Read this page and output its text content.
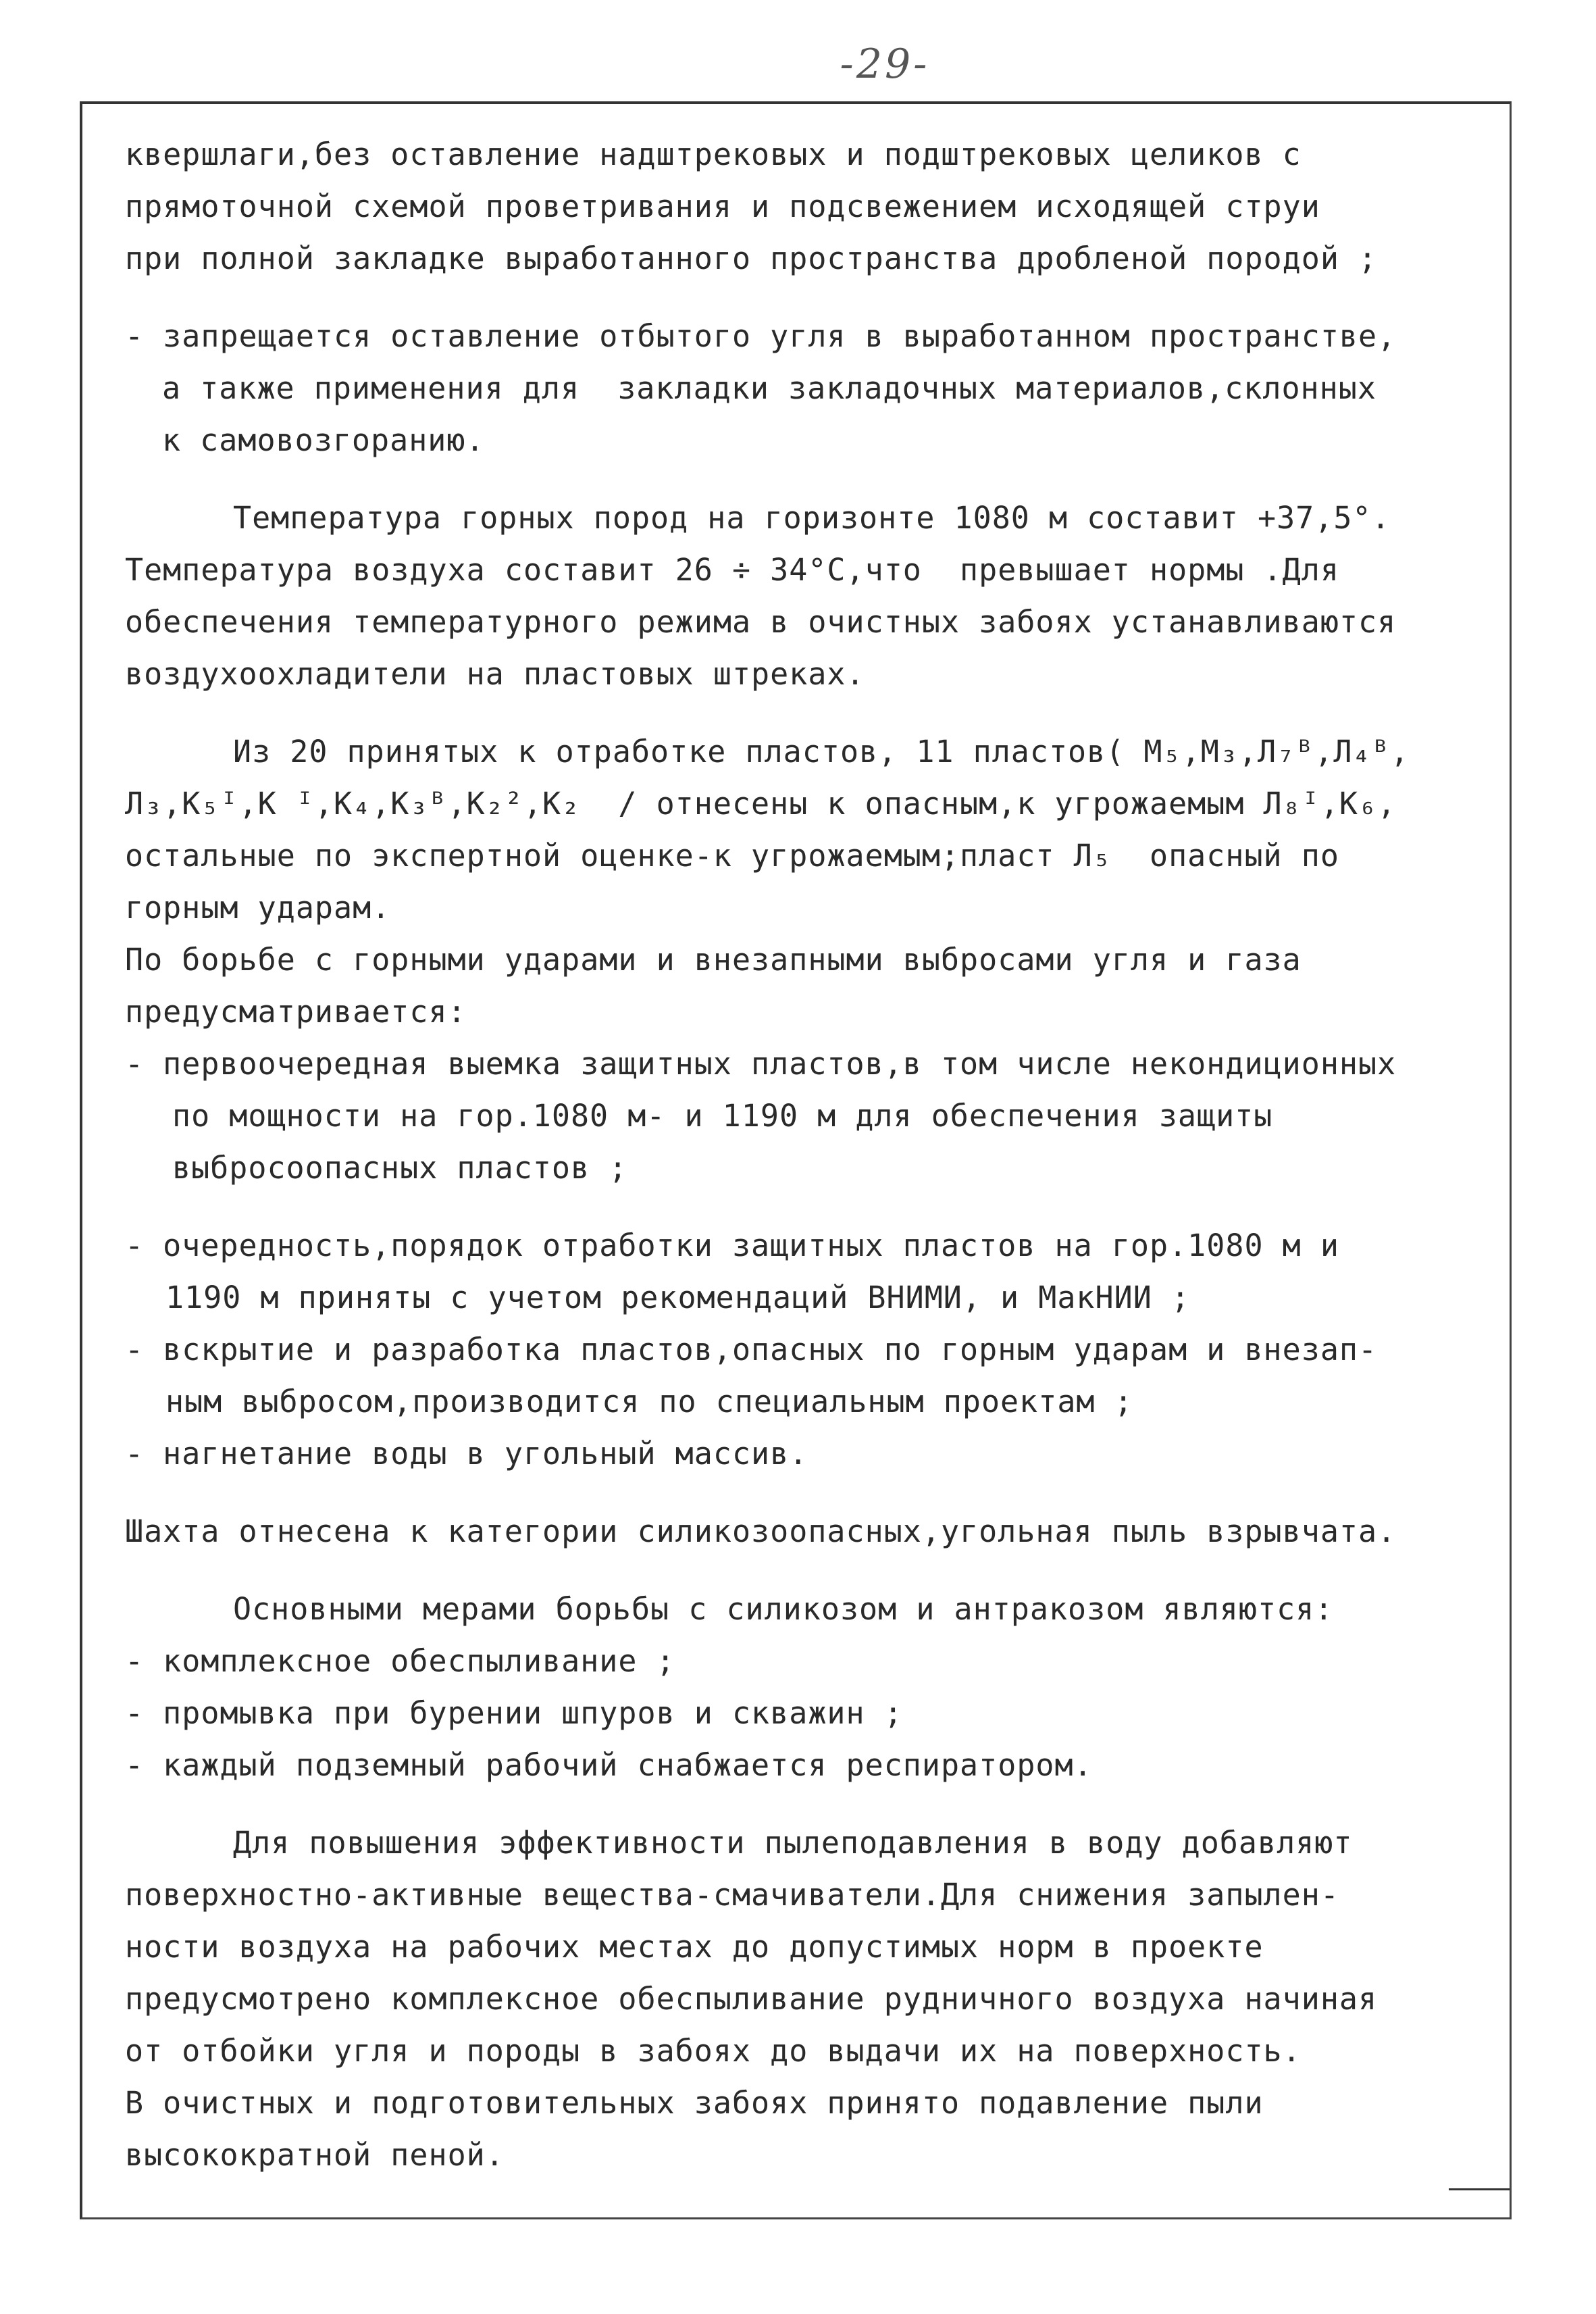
-29-
квершлаги,без оставление надштрековых и подштрековых целиков с
прямоточной схемой проветривания и подсвежением исходящей струи
при полной закладке выработанного пространства дробленой породой ;
- запрещается оставление отбытого угля в выработанном пространстве,
а также применения для  закладки закладочных материалов,склонных
к самовозгоранию.
Температура горных пород на горизонте 1080 м составит +37,5°.
Температура воздуха составит 26 ÷ 34°С,что  превышает нормы .Для
обеспечения температурного режима в очистных забоях устанавливаются
воздухоохладители на пластовых штреках.
Из 20 принятых к отработке пластов, 11 пластов( М₅,М₃,Л₇ᴮ,Л₄ᴮ,
Л₃,К₅ᴵ,К ᴵ,К₄,К₃ᴮ,К₂²,К₂  / отнесены к опасным,к угрожаемым Л₈ᴵ,К₆,
остальные по экспертной оценке-к угрожаемым;пласт Л₅  опасный по
горным ударам.
По борьбе с горными ударами и внезапными выбросами угля и газа
предусматривается:
- первоочередная выемка защитных пластов,в том числе некондиционных
по мощности на гор.1080 м- и 1190 м для обеспечения защиты
выбросоопасных пластов ;
- очередность,порядок отработки защитных пластов на гор.1080 м и
1190 м приняты с учетом рекомендаций ВНИМИ, и МакНИИ ;
- вскрытие и разработка пластов,опасных по горным ударам и внезап-
ным выбросом,производится по специальным проектам ;
- нагнетание воды в угольный массив.
Шахта отнесена к категории силикозоопасных,угольная пыль взрывчата.
Основными мерами борьбы с силикозом и антракозом являются:
- комплексное обеспыливание ;
- промывка при бурении шпуров и скважин ;
- каждый подземный рабочий снабжается респиратором.
Для повышения эффективности пылеподавления в воду добавляют
поверхностно-активные вещества-смачиватели.Для снижения запылен-
ности воздуха на рабочих местах до допустимых норм в проекте
предусмотрено комплексное обеспыливание рудничного воздуха начиная
от отбойки угля и породы в забоях до выдачи их на поверхность.
В очистных и подготовительных забоях принято подавление пыли
высокократной пеной.
